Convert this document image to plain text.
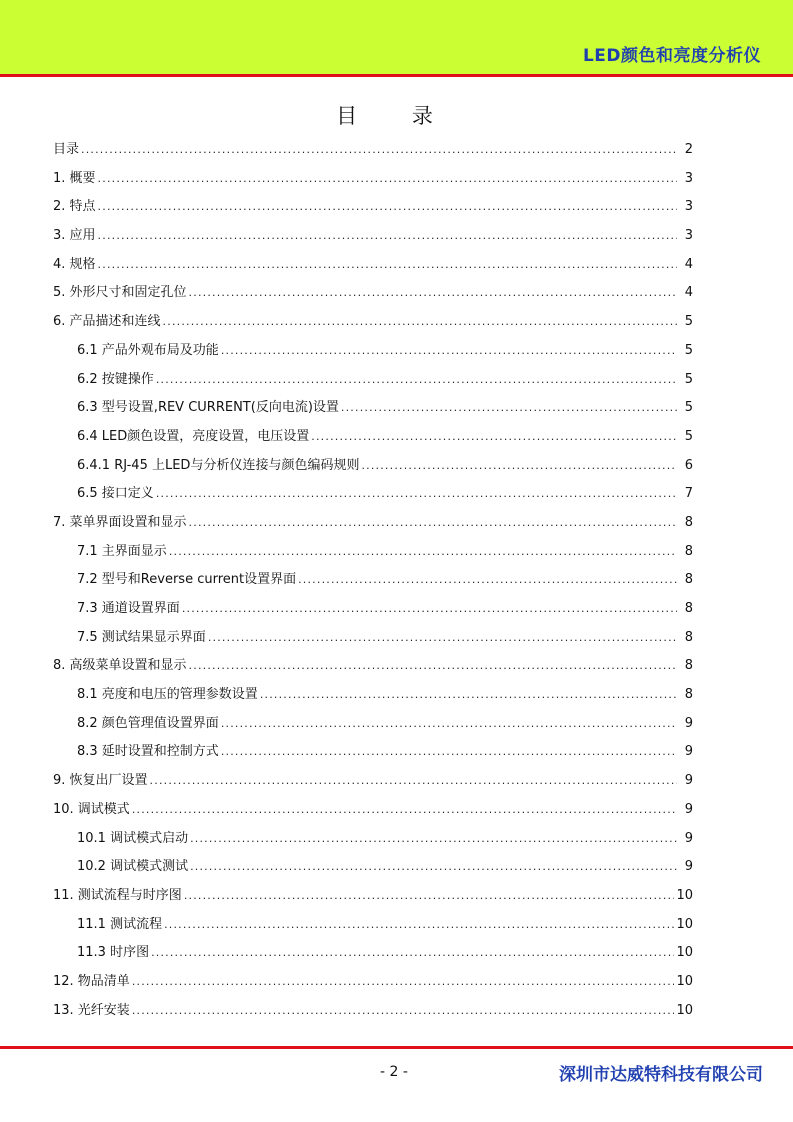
LED颜色和亮度分析仪
目 录
目录 .....	2
1. 概要 .....	3
2. 特点 .....	3
3. 应用 .....	3
4. 规格 .....	4
5. 外形尺寸和固定孔位 .....	4
6. 产品描述和连线 .....	5
6.1 产品外观布局及功能 .....	5
6.2 按键操作 .....	5
6.3 型号设置,REV CURRENT(反向电流)设置 .....	5
6.4 LED颜色设置，亮度设置，电压设置 .....	5
6.4.1 RJ-45 上LED与分析仪连接与颜色编码规则 .....	6
6.5 接口定义 .....	7
7. 菜单界面设置和显示 .....	8
7.1 主界面显示 .....	8
7.2 型号和Reverse current设置界面 .....	8
7.3 通道设置界面 .....	8
7.5 测试结果显示界面 .....	8
8. 高级菜单设置和显示 .....	8
8.1 亮度和电压的管理参数设置 .....	8
8.2 颜色管理值设置界面 .....	9
8.3 延时设置和控制方式 .....	9
9. 恢复出厂设置 .....	9
10. 调试模式 .....	9
10.1 调试模式启动 .....	9
10.2 调试模式测试 .....	9
11. 测试流程与时序图 .....	10
11.1 测试流程 .....	10
11.3 时序图 .....	10
12. 物品清单 .....	10
13. 光纤安装 .....	10
- 2 -	深圳市达威特科技有限公司
